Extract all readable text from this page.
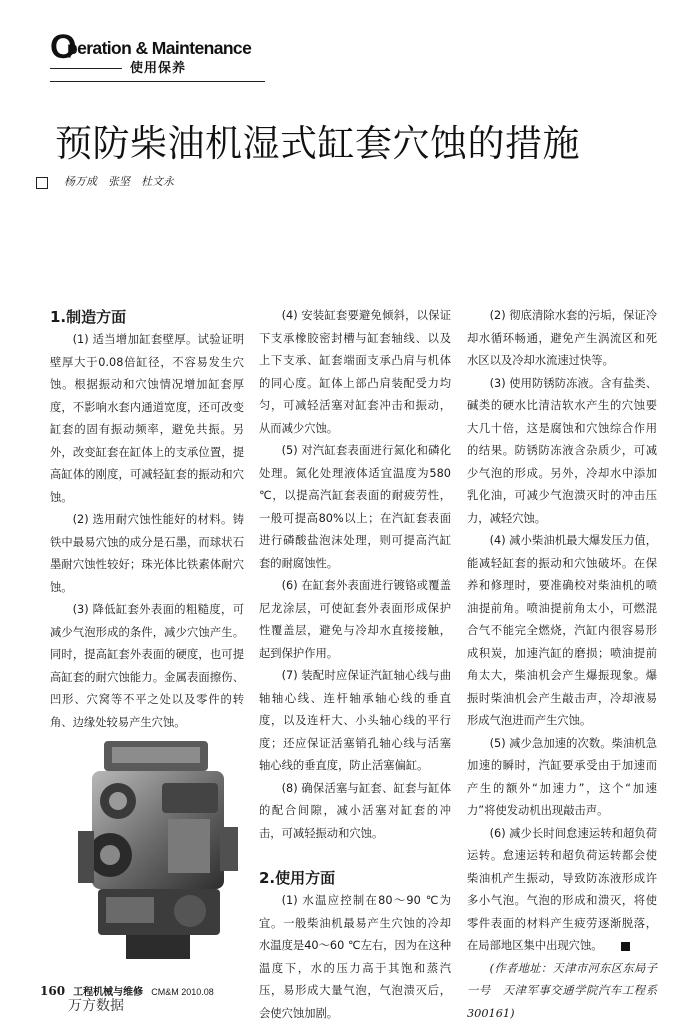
O
peration & Maintenance
使用保养
预防柴油机湿式缸套穴蚀的措施
杨万成　张坚　杜文永

1.制造方面

(1) 适当增加缸套壁厚。试验证明壁厚大于0.08倍缸径，不容易发生穴蚀。根据振动和穴蚀情况增加缸套厚度，不影响水套内通道宽度，还可改变缸套的固有振动频率，避免共振。另外，改变缸套在缸体上的支承位置，提高缸体的刚度，可减轻缸套的振动和穴蚀。

(2) 选用耐穴蚀性能好的材料。铸铁中最易穴蚀的成分是石墨，而球状石墨耐穴蚀性较好；珠光体比铁素体耐穴蚀。

(3) 降低缸套外表面的粗糙度，可减少气泡形成的条件，减少穴蚀产生。同时，提高缸套外表面的硬度，也可提高缸套的耐穴蚀能力。金属表面擦伤、凹形、穴窝等不平之处以及零件的转角、边缘处较易产生穴蚀。

(4) 安装缸套要避免倾斜，以保证下支承橡胶密封槽与缸套轴线、以及上下支承、缸套端面支承凸肩与机体的同心度。缸体上部凸肩装配受力均匀，可减轻活塞对缸套冲击和振动，从而减少穴蚀。

(5) 对汽缸套表面进行氮化和磷化处理。氮化处理液体适宜温度为580 ℃，以提高汽缸套表面的耐疲劳性，一般可提高80%以上；在汽缸套表面进行磷酸盐泡沫处理，则可提高汽缸套的耐腐蚀性。

(6) 在缸套外表面进行镀铬或覆盖尼龙涂层，可使缸套外表面形成保护性覆盖层，避免与冷却水直接接触，起到保护作用。

(7) 装配时应保证汽缸轴心线与曲轴轴心线、连杆轴承轴心线的垂直度，以及连杆大、小头轴心线的平行度；还应保证活塞销孔轴心线与活塞轴心线的垂直度，防止活塞偏缸。

(8) 确保活塞与缸套、缸套与缸体的配合间隙，减小活塞对缸套的冲击，可减轻振动和穴蚀。

2.使用方面

(1) 水温应控制在80～90 ℃为宜。一般柴油机最易产生穴蚀的冷却水温度是40～60 ℃左右，因为在这种温度下，水的压力高于其饱和蒸汽压，易形成大量气泡，气泡溃灭后，会使穴蚀加剧。

(2) 彻底清除水套的污垢，保证冷却水循环畅通，避免产生涡流区和死水区以及冷却水流速过快等。

(3) 使用防锈防冻液。含有盐类、碱类的硬水比清洁软水产生的穴蚀要大几十倍，这是腐蚀和穴蚀综合作用的结果。防锈防冻液含杂质少，可减少气泡的形成。另外，冷却水中添加乳化油，可减少气泡溃灭时的冲击压力，减轻穴蚀。

(4) 减小柴油机最大爆发压力值，能减轻缸套的振动和穴蚀破坏。在保养和修理时，要准确校对柴油机的喷油提前角。喷油提前角太小，可燃混合气不能完全燃烧，汽缸内很容易形成积炭，加速汽缸的磨损；喷油提前角太大，柴油机会产生爆振现象。爆振时柴油机会产生敲击声，冷却液易形成气泡进而产生穴蚀。

(5) 减少急加速的次数。柴油机急加速的瞬时，汽缸要承受由于加速而产生的额外“加速力”，这个“加速力”将使发动机出现敲击声。

(6) 减少长时间怠速运转和超负荷运转。怠速运转和超负荷运转都会使柴油机产生振动，导致防冻液形成许多小气泡。气泡的形成和溃灭，将使零件表面的材料产生疲劳逐渐脱落，在局部地区集中出现穴蚀。

(作者地址：天津市河东区东局子一号　天津军事交通学院汽车工程系　300161)

160 工程机械与维修 CM&M 2010.08
万方数据
